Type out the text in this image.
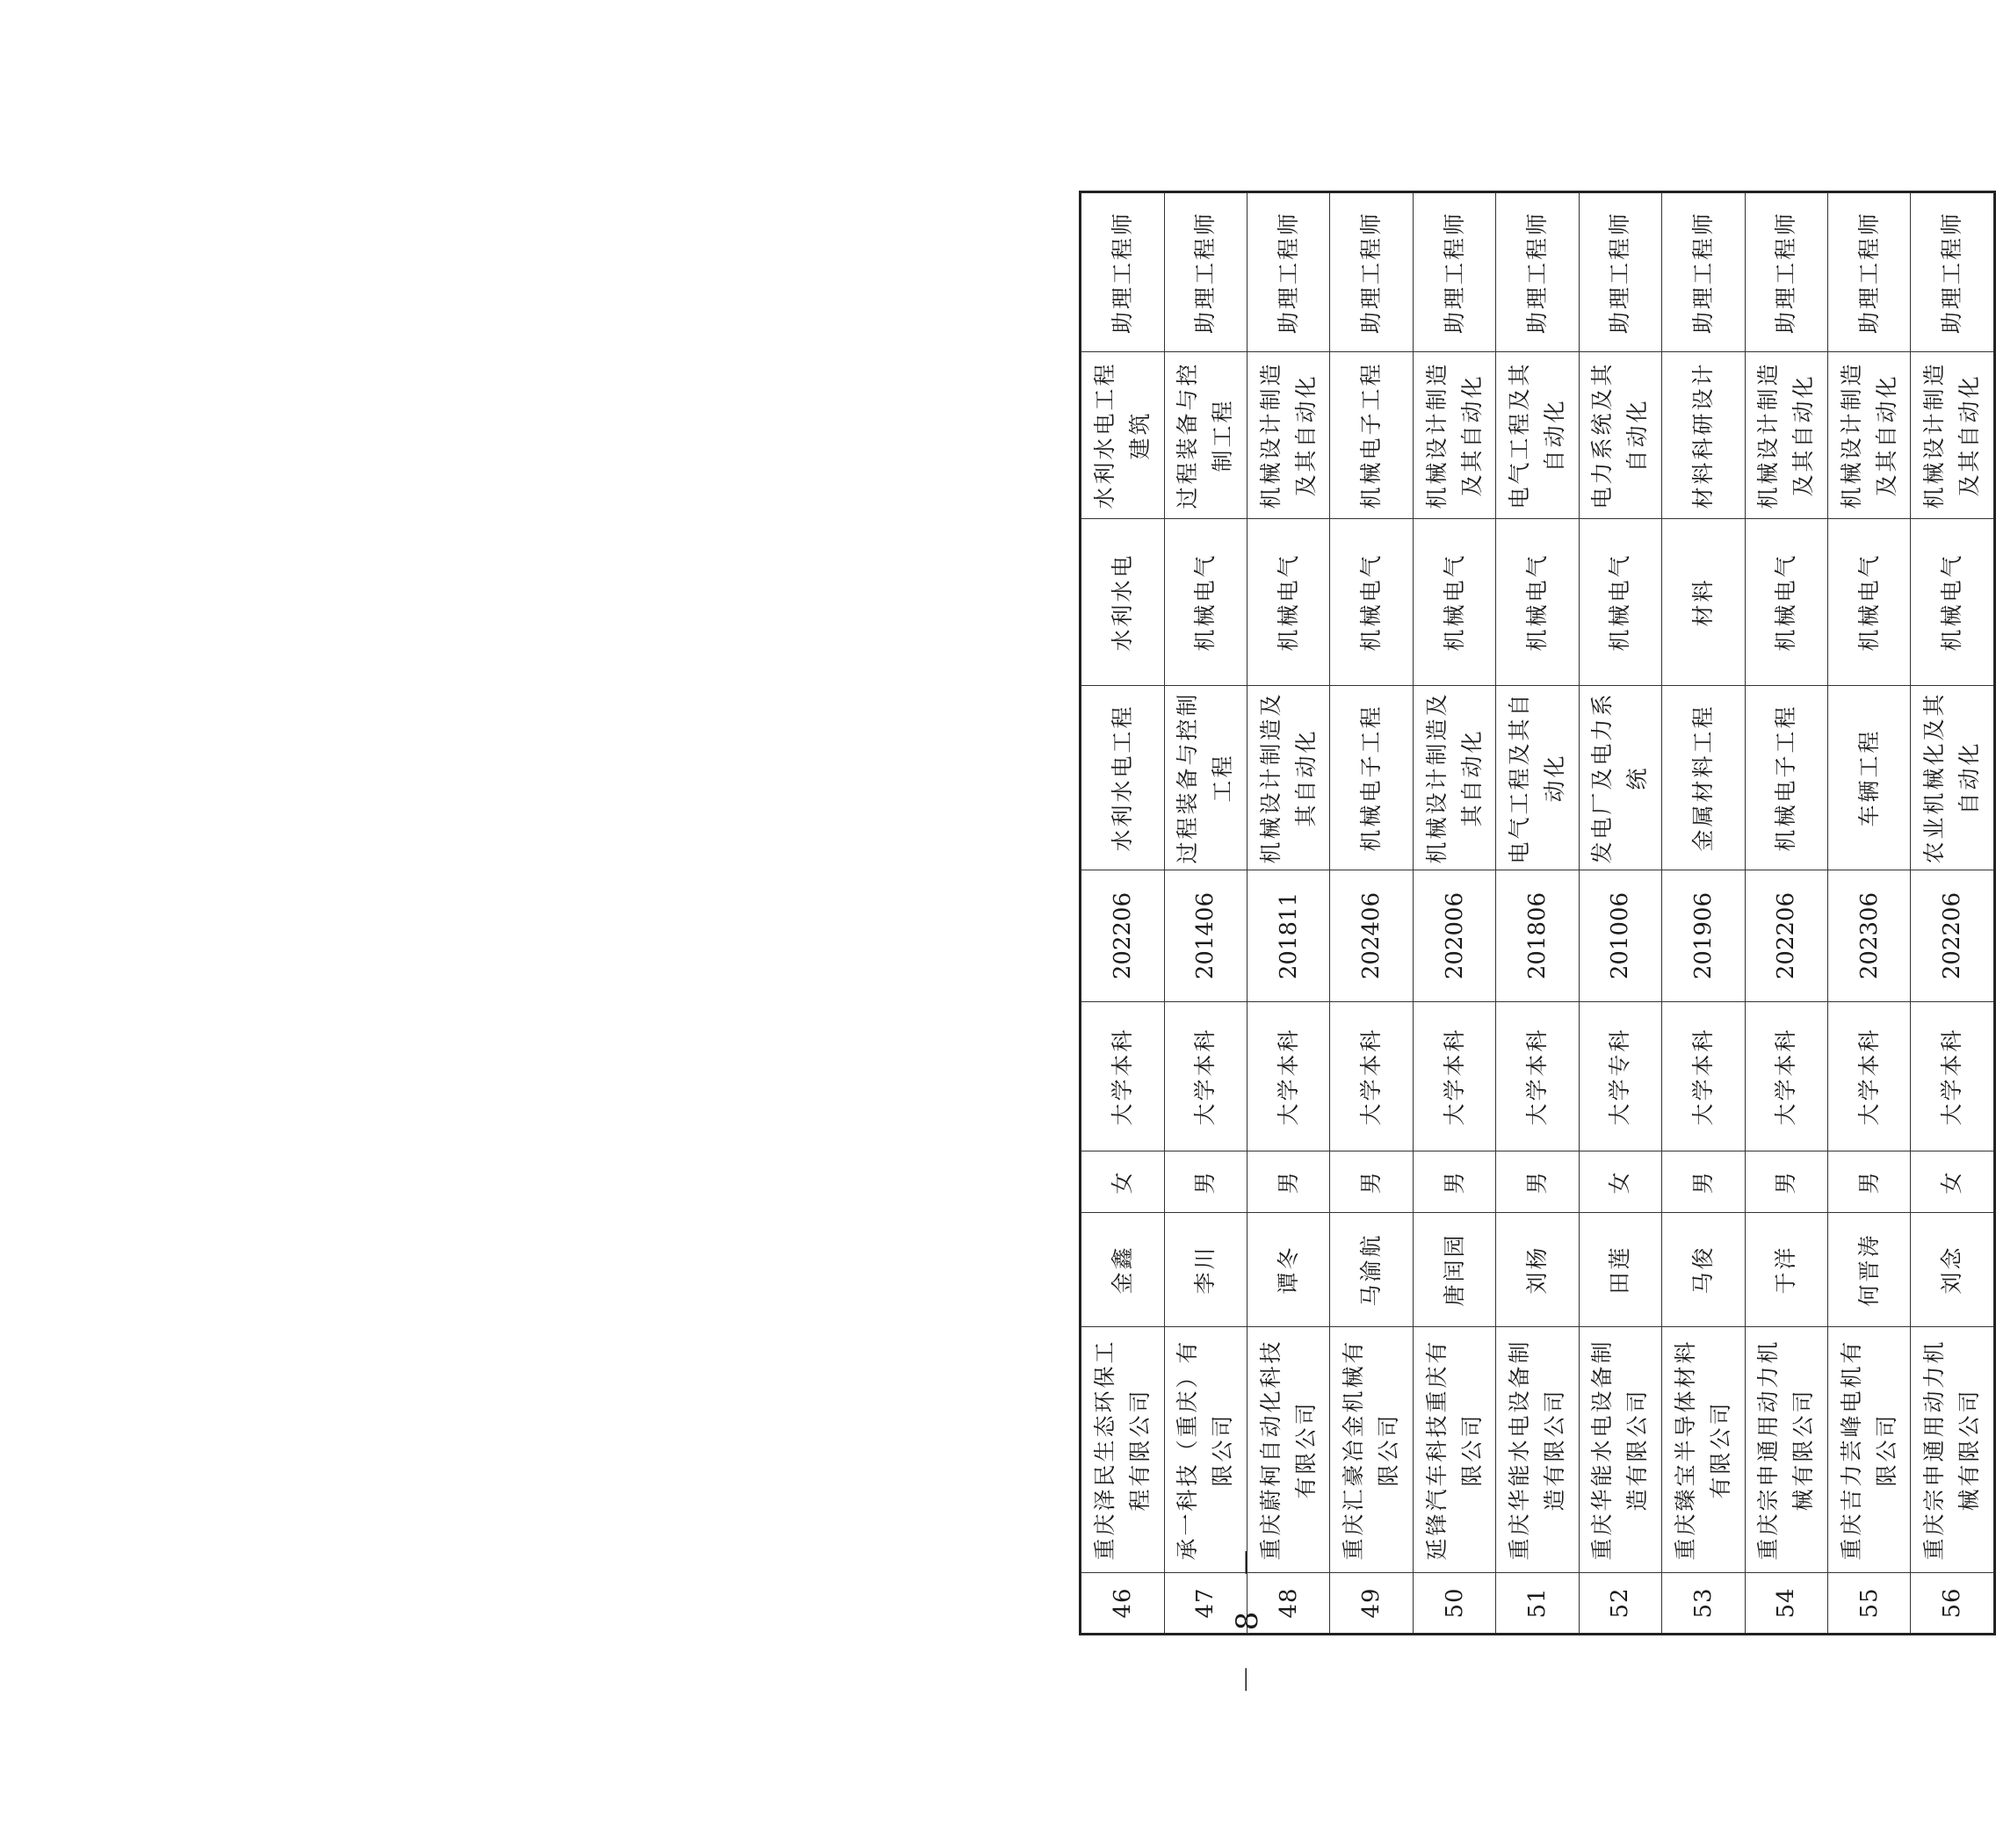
46	重庆泽民生态环保工程有限公司	金鑫	女	大学本科	202206	水利水电工程	水利水电	水利水电工程建筑	助理工程师
47	承一科技（重庆）有限公司	李川	男	大学本科	201406	过程装备与控制工程	机械电气	过程装备与控制工程	助理工程师
48	重庆蔚柯自动化科技有限公司	谭冬	男	大学本科	201811	机械设计制造及其自动化	机械电气	机械设计制造及其自动化	助理工程师
49	重庆汇豪冶金机械有限公司	马渝航	男	大学本科	202406	机械电子工程	机械电气	机械电子工程	助理工程师
50	延锋汽车科技重庆有限公司	唐闰园	男	大学本科	202006	机械设计制造及其自动化	机械电气	机械设计制造及其自动化	助理工程师
51	重庆华能水电设备制造有限公司	刘杨	男	大学本科	201806	电气工程及其自动化	机械电气	电气工程及其自动化	助理工程师
52	重庆华能水电设备制造有限公司	田莲	女	大学专科	201006	发电厂及电力系统	机械电气	电力系统及其自动化	助理工程师
53	重庆臻宝半导体材料有限公司	马俊	男	大学本科	201906	金属材料工程	材料	材料科研设计	助理工程师
54	重庆宗申通用动力机械有限公司	于洋	男	大学本科	202206	机械电子工程	机械电气	机械设计制造及其自动化	助理工程师
55	重庆吉力芸峰电机有限公司	何晋涛	男	大学本科	202306	车辆工程	机械电气	机械设计制造及其自动化	助理工程师
56	重庆宗申通用动力机械有限公司	刘念	女	大学本科	202206	农业机械化及其自动化	机械电气	机械设计制造及其自动化	助理工程师
－ 8 －
